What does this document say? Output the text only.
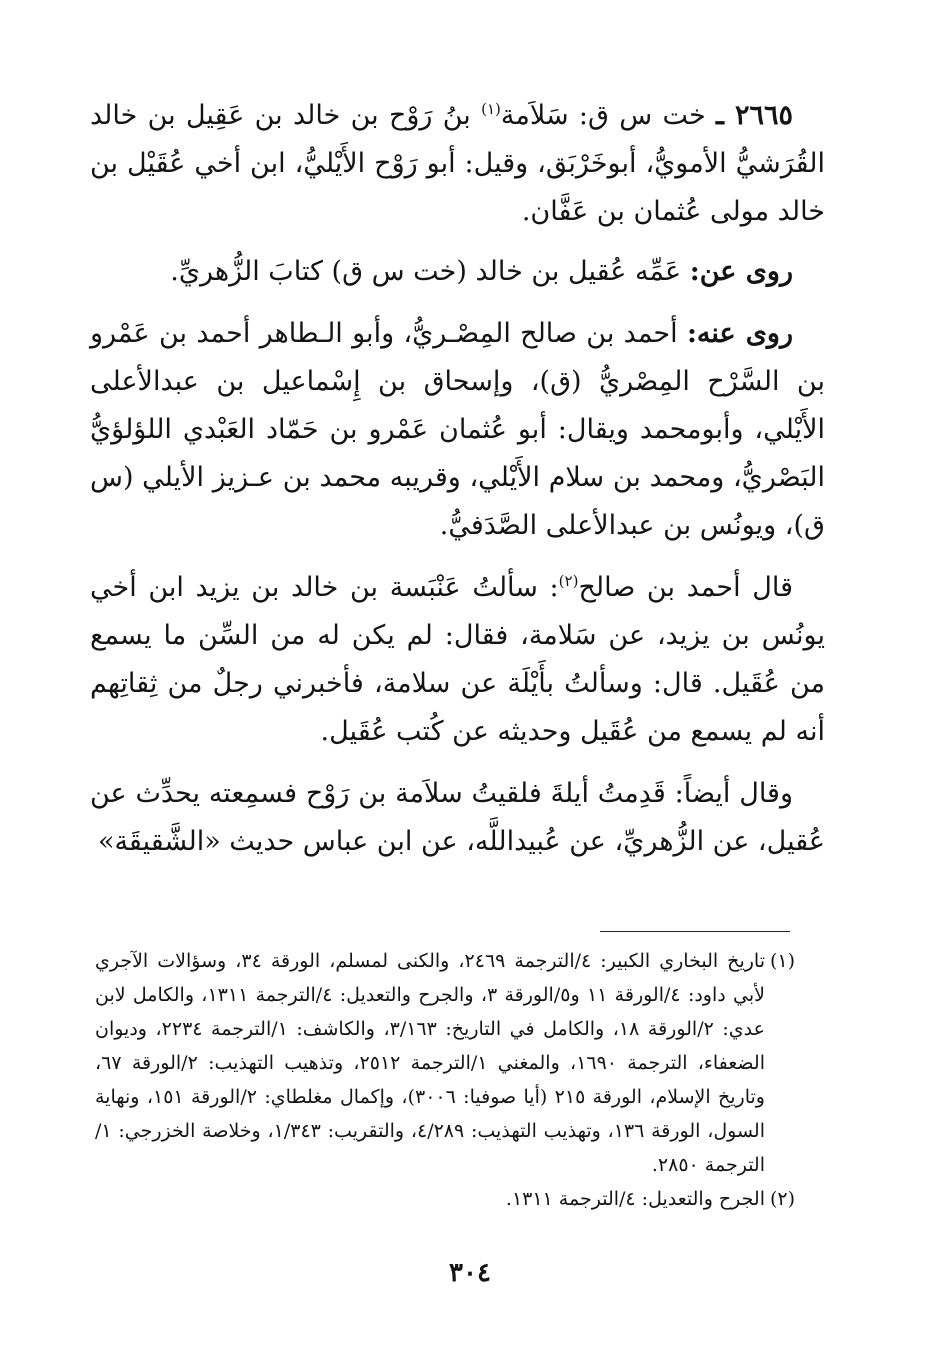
٢٦٦٥ ـ خت س ق: سَلاَمة$^{(١)}$ بنُ رَوْح بن خالد بن عَقِيل بن خالد القُرَشيُّ الأمويُّ، أبوخَرْبَق، وقيل: أبو رَوْح الأَيْليُّ، ابن أخي عُقَيْل بن خالد مولى عُثمان بن عَفَّان.

روى عن: عَمِّه عُقيل بن خالد (خت س ق) كتابَ الزُّهريِّ.

روى عنه: أحمد بن صالح المِصْـريُّ، وأبو الـطاهر أحمد بن عَمْرو بن السَّرْح المِصْريُّ (ق)، وإسحاق بن إِسْماعيل بن عبدالأعلى الأَيْلي، وأبومحمد ويقال: أبو عُثمان عَمْرو بن حَمّاد العَبْدي اللؤلؤيُّ البَصْريُّ، ومحمد بن سلام الأَيْلي، وقريبه محمد بن عـزيز الأيلي (س ق)، ويونُس بن عبدالأعلى الصَّدَفيُّ.

قال أحمد بن صالح$^{(٢)}$: سألتُ عَنْبَسة بن خالد بن يزيد ابن أخي يونُس بن يزيد، عن سَلامة، فقال: لم يكن له من السِّن ما يسمع من عُقَيل. قال: وسألتُ بأَيْلَة عن سلامة، فأخبرني رجلٌ من ثِقاتِهم أنه لم يسمع من عُقَيل وحديثه عن كُتب عُقَيل.

وقال أيضاً: قَدِمتُ أيلةَ فلقيتُ سلاَمة بن رَوْح فسمِعته يحدِّث عن عُقيل، عن الزُّهريِّ، عن عُبيداللَّه، عن ابن عباس حديث «الشَّقيقَة»

(١)
تاريخ البخاري الكبير: ٤/الترجمة ٢٤٦٩، والكنى لمسلم، الورقة ٣٤، وسؤالات الآجري لأبي داود: ٤/الورقة ١١ و٥/الورقة ٣، والجرح والتعديل: ٤/الترجمة ١٣١١، والكامل لابن عدي: ٢/الورقة ١٨، والكامل في التاريخ: ٣/١٦٣، والكاشف: ١/الترجمة ٢٢٣٤، وديوان الضعفاء، الترجمة ١٦٩٠، والمغني ١/الترجمة ٢٥١٢، وتذهيب التهذيب: ٢/الورقة ٦٧، وتاريخ الإسلام، الورقة ٢١٥ (أيا صوفيا: ٣٠٠٦)، وإكمال مغلطاي: ٢/الورقة ١٥١، ونهاية السول، الورقة ١٣٦، وتهذيب التهذيب: ٤/٢٨٩، والتقريب: ١/٣٤٣، وخلاصة الخزرجي: ١/الترجمة ٢٨٥٠.

(٢)
الجرح والتعديل: ٤/الترجمة ١٣١١.

٣٠٤
